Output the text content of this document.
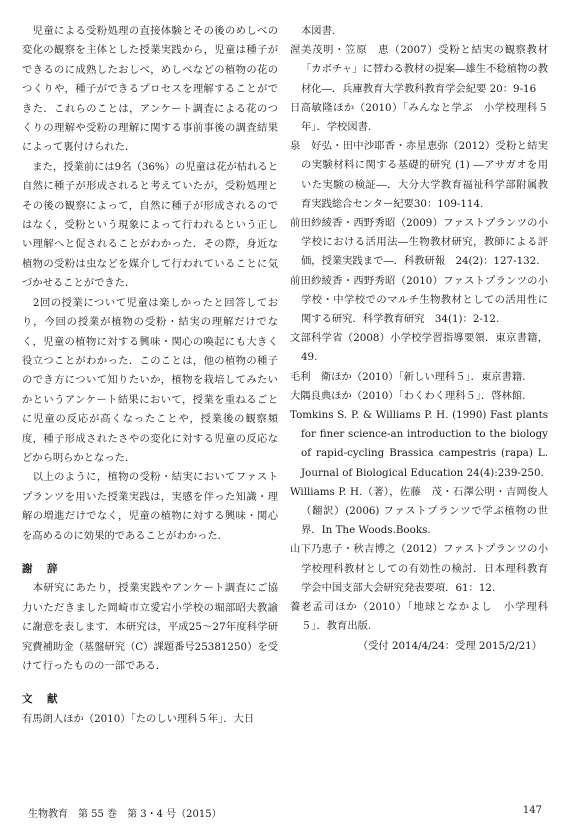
　児童による受粉処理の直接体験とその後のめしべの変化の観察を主体とした授業実践から，児童は種子ができるのに成熟したおしべ，めしべなどの植物の花のつくりや，種子ができるプロセスを理解することができた．これらのことは，アンケート調査による花のつくりの理解や受粉の理解に関する事前事後の調査結果によって裏付けられた．

　また，授業前には9名（36%）の児童は花が枯れると自然に種子が形成されると考えていたが，受粉処理とその後の観察によって，自然に種子が形成されるのではなく，受粉という現象によって行われるという正しい理解へと促されることがわかった．その際，身近な植物の受粉は虫などを媒介して行われていることに気づかせることができた．

　2回の授業について児童は楽しかったと回答しており，今回の授業が植物の受粉・結実の理解だけでなく，児童の植物に対する興味・関心の喚起にも大きく役立つことがわかった．このことは，他の植物の種子のでき方について知りたいか，植物を栽培してみたいかというアンケート結果において，授業を重ねるごとに児童の反応が高くなったことや，授業後の観察頻度，種子形成されたさやの変化に対する児童の反応などから明らかとなった．

　以上のように，植物の受粉・結実においてファストプランツを用いた授業実践は，実感を伴った知識・理解の増進だけでなく，児童の植物に対する興味・関心を高めるのに効果的であることがわかった．

謝　辞

　本研究にあたり，授業実践やアンケート調査にご協力いただきました岡崎市立愛宕小学校の堀部昭夫教諭に謝意を表します．本研究は，平成25〜27年度科学研究費補助金（基盤研究（C）課題番号25381250）を受けて行ったものの一部である．

文　献

有馬朗人ほか（2010）「たのしい理科５年」．大日

本図書.

渥美茂明・笠原　恵（2007）受粉と結実の観察教材「カボチャ」に替わる教材の提案―雄生不稔植物の教材化―．兵庫教育大学教科教育学会紀要 20：9-16

日高敏隆ほか（2010）「みんなと学ぶ　小学校理科５年」．学校図書.

泉　好弘・田中沙耶香・赤星恵弥（2012）受粉と結実の実験材料に関する基礎的研究 (1) ―アサガオを用いた実験の検証―．大分大学教育福祉科学部附属教育実践総合センター紀要30：109-114.

前田紗綾香・西野秀昭（2009）ファストプランツの小学校における活用法―生物教材研究，教師による評価，授業実践まで―．科教研報　24(2)：127-132.

前田紗綾香・西野秀昭（2010）ファストプランツの小学校・中学校でのマルチ生物教材としての活用性に関する研究．科学教育研究　34(1)：2-12.

文部科学省（2008）小学校学習指導要領．東京書籍，49.

毛利　衛ほか（2010）「新しい理科５」．東京書籍.

大隅良典ほか（2010）「わくわく理科５」．啓林館.

Tomkins S. P. & Williams P. H. (1990) Fast plants for finer science-an introduction to the biology of rapid-cycling Brassica campestris (rapa) L. Journal of Biological Education 24(4):239-250.

Williams P. H.（著），佐藤　茂・石澤公明・吉岡俊人（翻訳）(2006) ファストプランツで学ぶ植物の世界．In The Woods.Books.

山下乃恵子・秋吉博之（2012）ファストプランツの小学校理科教材としての有効性の検討．日本理科教育学会中国支部大会研究発表要項．61：12.

養老孟司ほか（2010）「地球となかよし　小学理科５」．教育出版.

（受付 2014/4/24：受理 2015/2/21）

生物教育　第 55 巻　第 3・4 号（2015）	147
